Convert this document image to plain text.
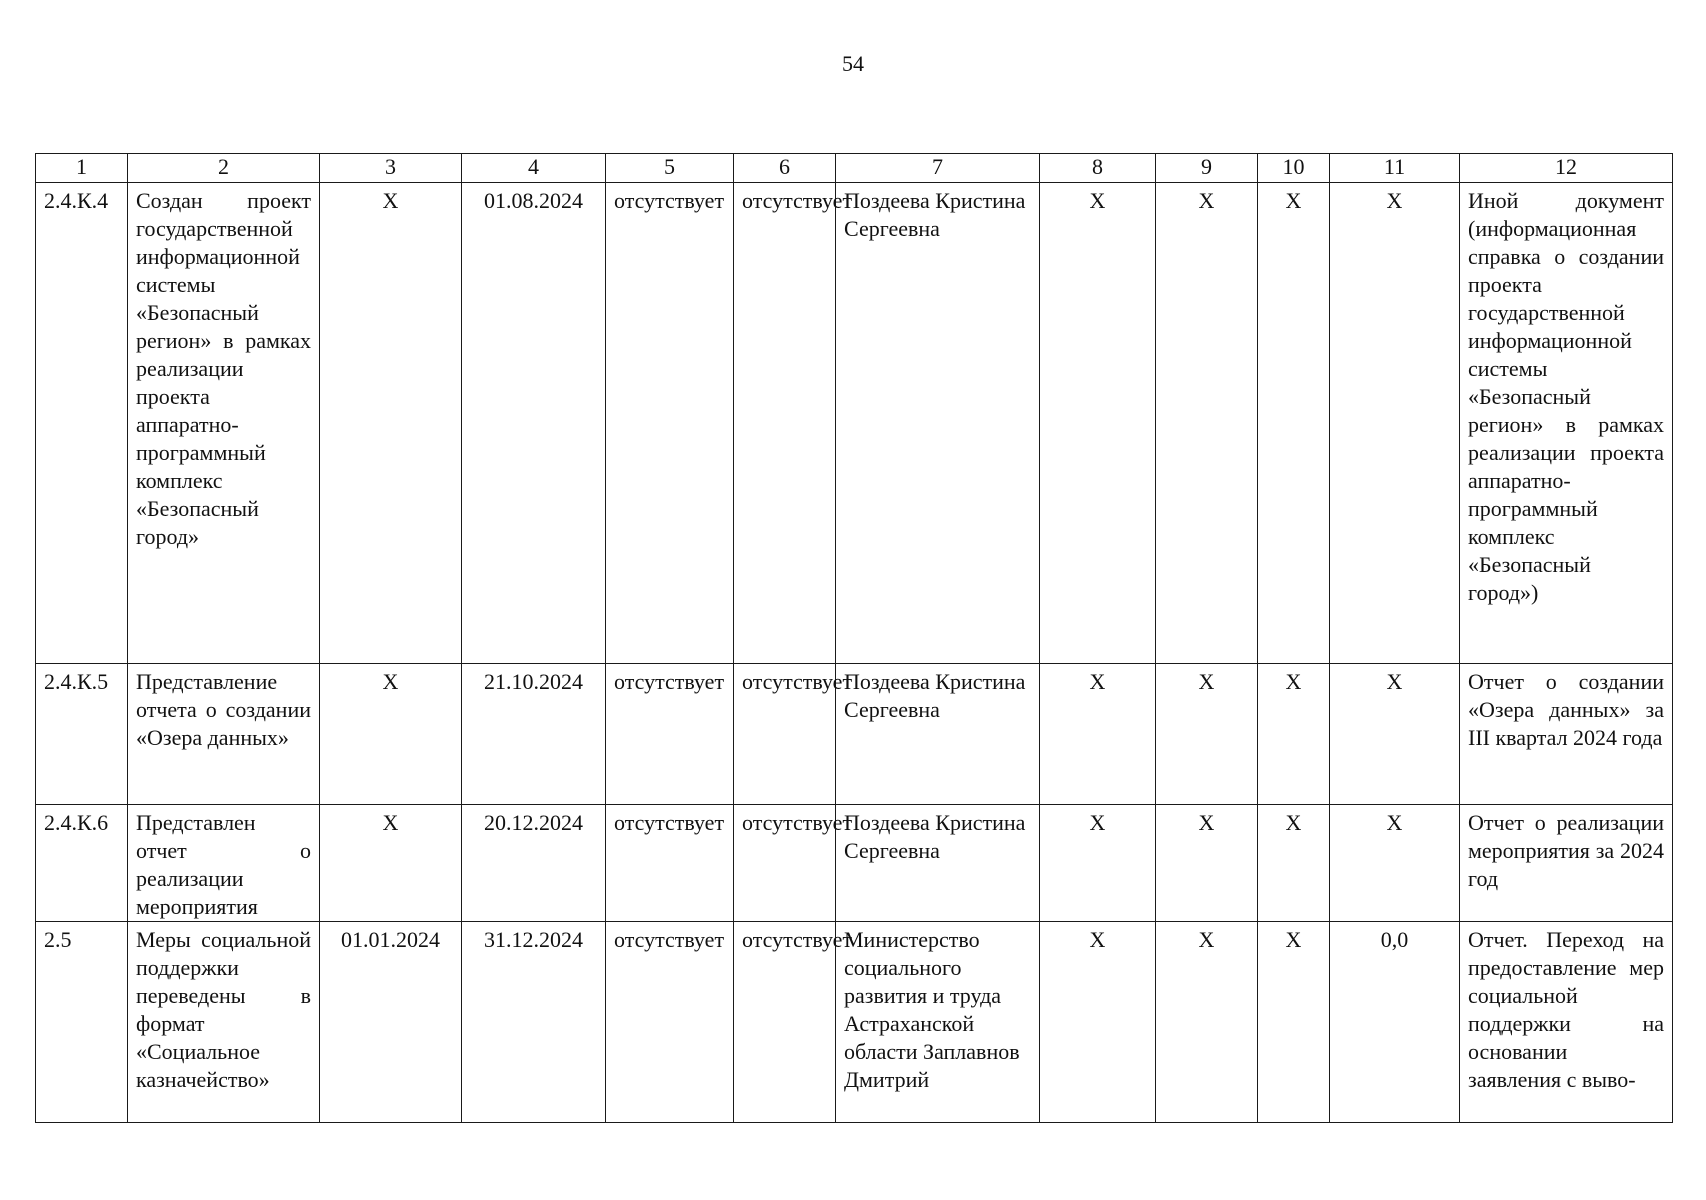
54
1	2	3	4	5	6	7	8	9	10	11	12
2.4.К.4	Создан проект государственной информационной системы «Безопасный регион» в рамках реализации проекта аппаратно-программный комплекс «Безопасный город»	Х	01.08.2024	отсутствует	отсутствует	Поздеева Кристина Сергеевна	Х	Х	Х	Х	Иной документ (информационная справка о создании проекта государственной информационной системы «Безопасный регион» в рамках реализации проекта аппаратно-программный комплекс «Безопасный город»)
2.4.К.5	Представление отчета о создании «Озера данных»	Х	21.10.2024	отсутствует	отсутствует	Поздеева Кристина Сергеевна	Х	Х	Х	Х	Отчет о создании «Озера данных» за III квартал 2024 года
2.4.К.6	Представлен отчет о реализации мероприятия	Х	20.12.2024	отсутствует	отсутствует	Поздеева Кристина Сергеевна	Х	Х	Х	Х	Отчет о реализации мероприятия за 2024 год
2.5	Меры социальной поддержки переведены в формат «Социальное казначейство»	01.01.2024	31.12.2024	отсутствует	отсутствует	Министерство социального развития и труда Астраханской области Заплавнов Дмитрий	Х	Х	Х	0,0	Отчет. Переход на предоставление мер социальной поддержки на основании заявления с выво-
